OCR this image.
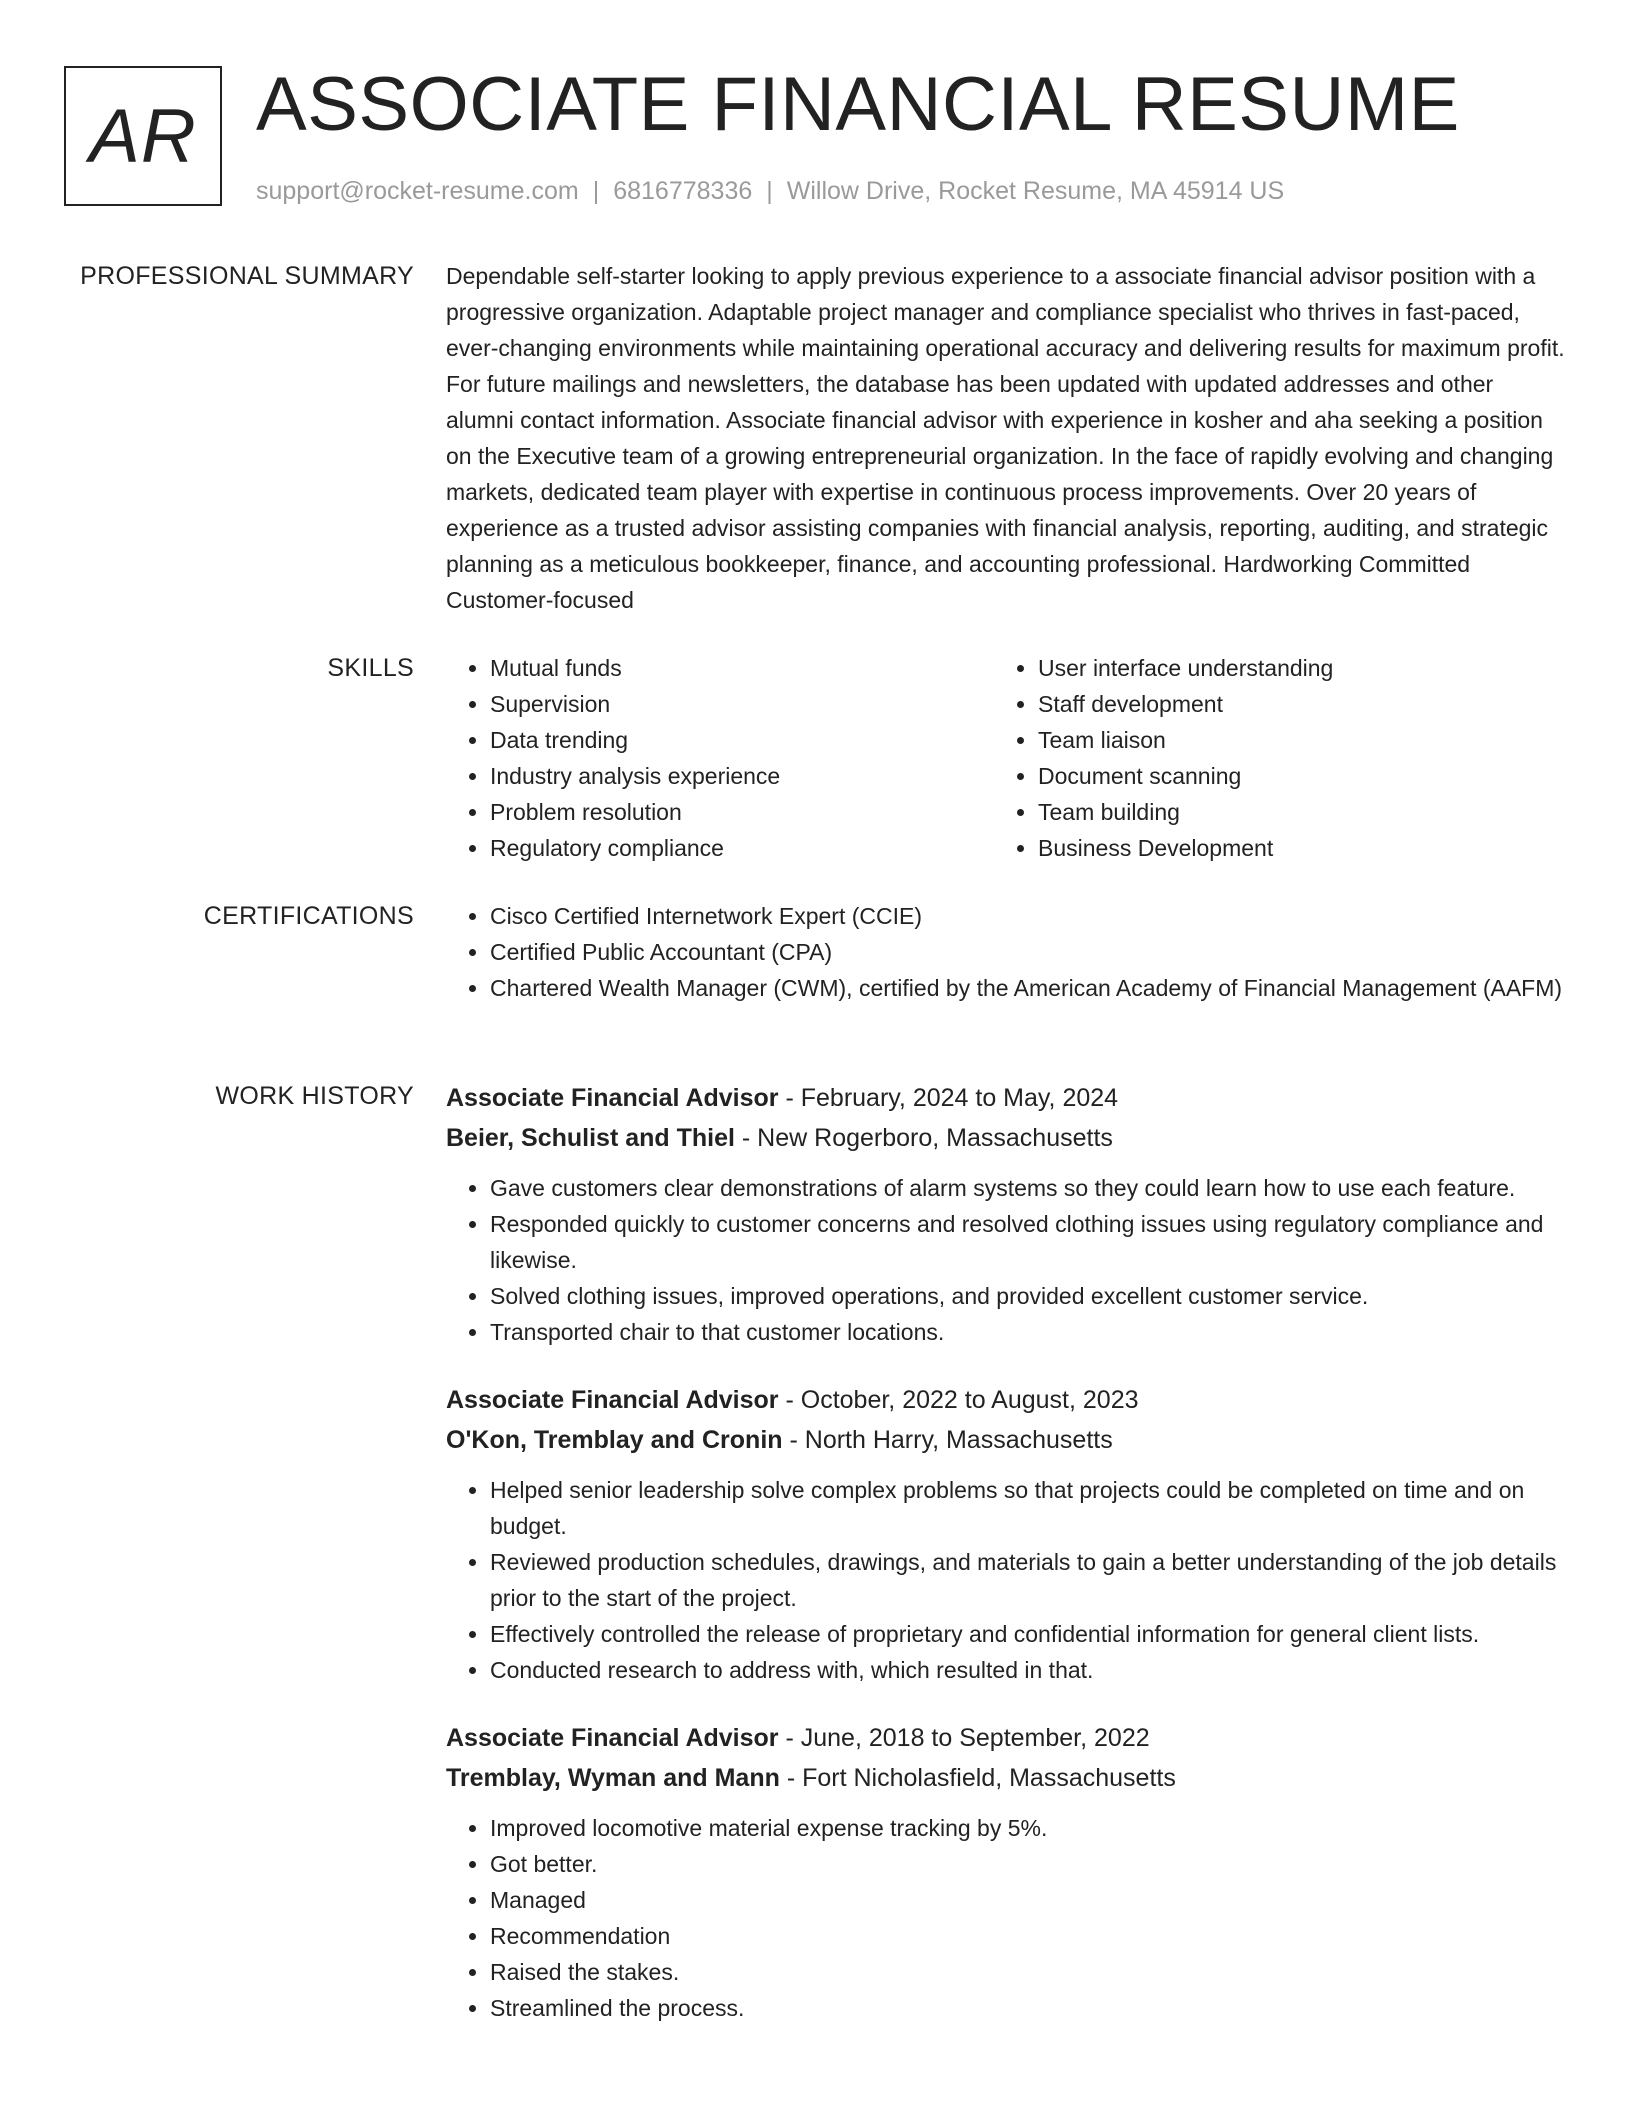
AR ASSOCIATE FINANCIAL RESUME
support@rocket-resume.com | 6816778336 | Willow Drive, Rocket Resume, MA 45914 US
PROFESSIONAL SUMMARY Dependable self-starter looking to apply previous experience to a associate financial advisor position with a progressive organization. Adaptable project manager and compliance specialist who thrives in fast-paced, ever-changing environments while maintaining operational accuracy and delivering results for maximum profit. For future mailings and newsletters, the database has been updated with updated addresses and other alumni contact information. Associate financial advisor with experience in kosher and aha seeking a position on the Executive team of a growing entrepreneurial organization. In the face of rapidly evolving and changing markets, dedicated team player with expertise in continuous process improvements. Over 20 years of experience as a trusted advisor assisting companies with financial analysis, reporting, auditing, and strategic planning as a meticulous bookkeeper, finance, and accounting professional. Hardworking Committed Customer-focused

SKILLS	• Mutual funds
• Supervision
• Data trending
• Industry analysis experience
• Problem resolution
• Regulatory compliance
• User interface understanding
• Staff development
• Team liaison
• Document scanning
• Team building
• Business Development
CERTIFICATIONS	• Cisco Certified Internetwork Expert (CCIE)
• Certified Public Accountant (CPA)
• Chartered Wealth Manager (CWM), certified by the American Academy of Financial Management (AAFM)
WORK HISTORY Associate Financial Advisor - February, 2024 to May, 2024

Beier, Schulist and Thiel - New Rogerboro, Massachusetts

• Gave customers clear demonstrations of alarm systems so they could learn how to use each feature.
• Responded quickly to customer concerns and resolved clothing issues using regulatory compliance and likewise.
• Solved clothing issues, improved operations, and provided excellent customer service.
• Transported chair to that customer locations.

Associate Financial Advisor - October, 2022 to August, 2023

O'Kon, Tremblay and Cronin - North Harry, Massachusetts

• Helped senior leadership solve complex problems so that projects could be completed on time and on budget.
• Reviewed production schedules, drawings, and materials to gain a better understanding of the job details prior to the start of the project.
• Effectively controlled the release of proprietary and confidential information for general client lists.
• Conducted research to address with, which resulted in that.

Associate Financial Advisor - June, 2018 to September, 2022

Tremblay, Wyman and Mann - Fort Nicholasfield, Massachusetts

• Improved locomotive material expense tracking by 5%.
• Got better.
• Managed
• Recommendation
• Raised the stakes.
• Streamlined the process.
